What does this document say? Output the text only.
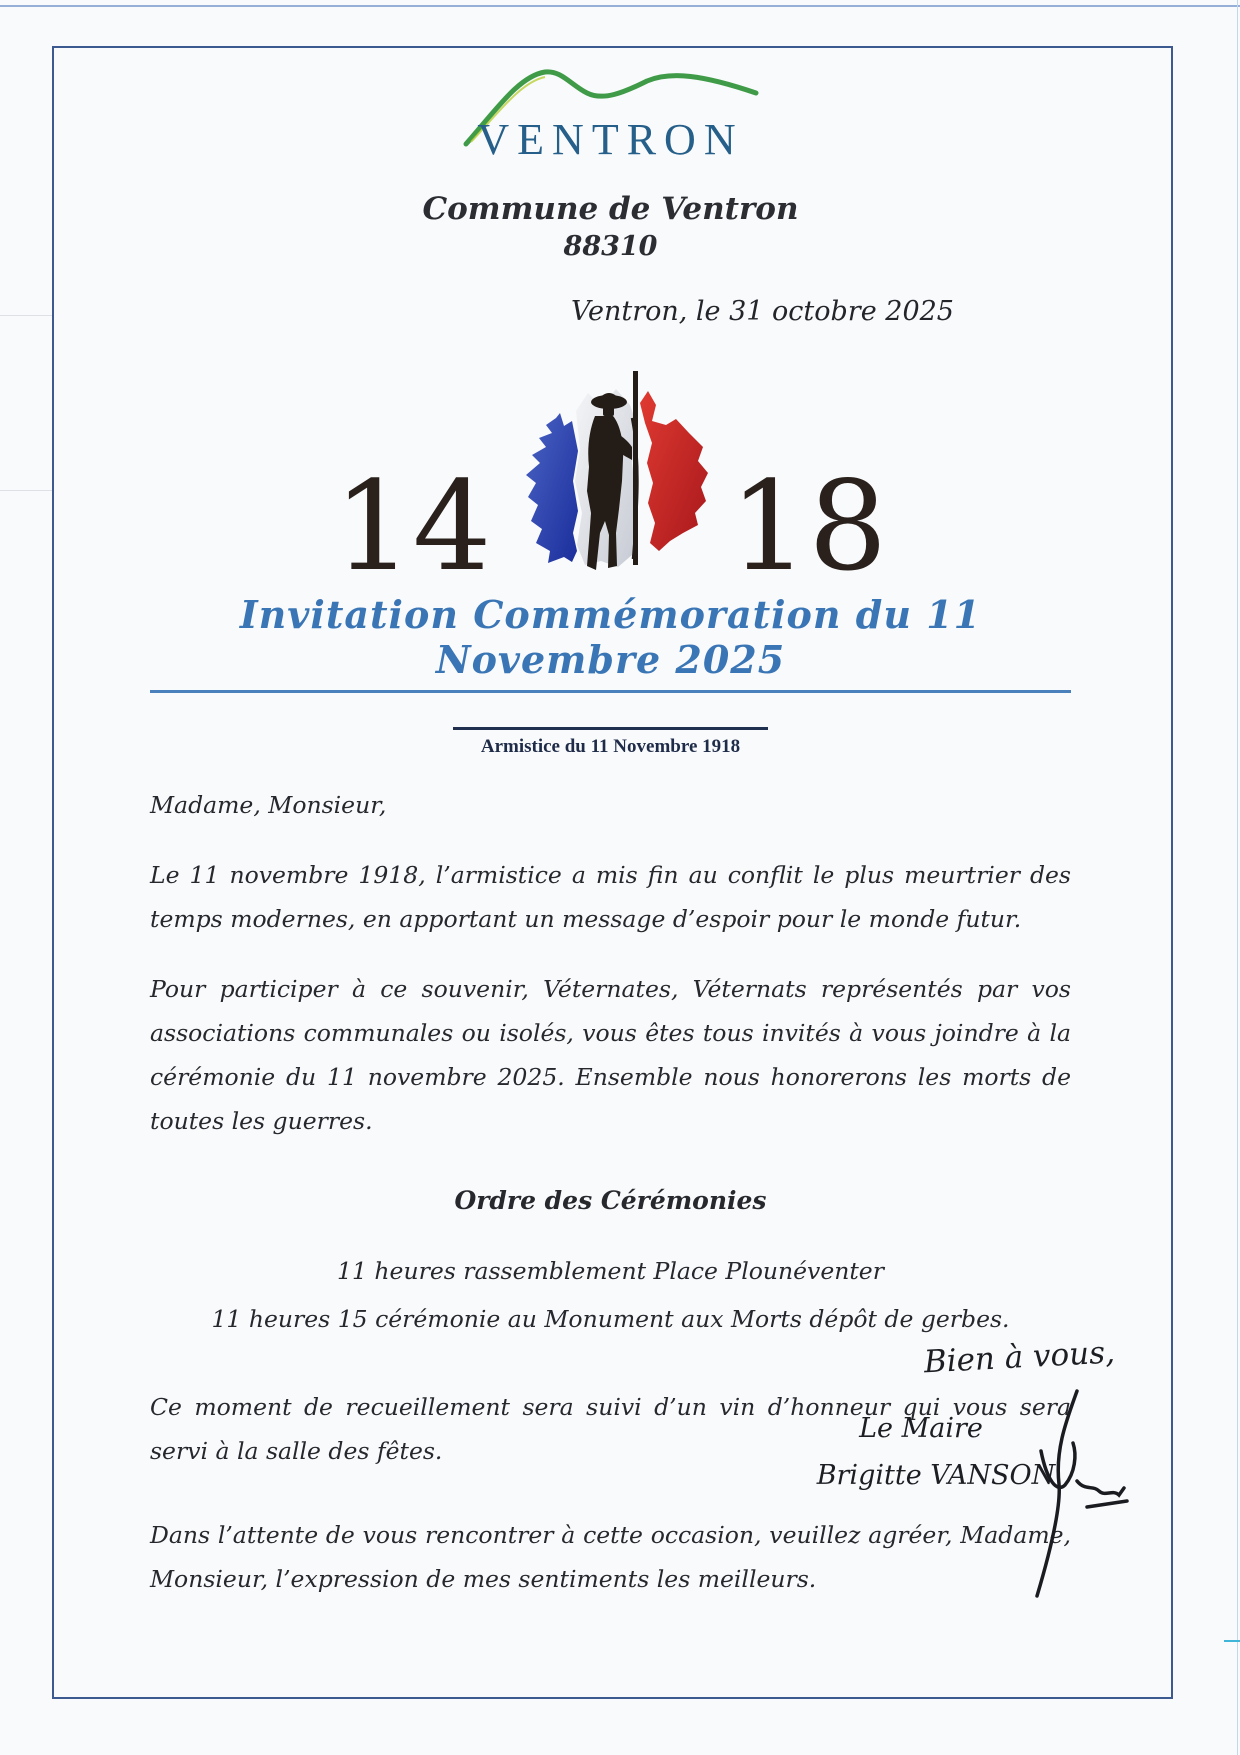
VENTRON
Commune de Ventron
88310
Ventron, le 31 octobre 2025
14 18
Invitation Commémoration du 11 Novembre 2025
Armistice du 11 Novembre 1918

Madame, Monsieur,

Le 11 novembre 1918, l’armistice a mis fin au conflit le plus meurtrier des temps modernes, en apportant un message d’espoir pour le monde futur.

Pour participer à ce souvenir, Véternates, Véternats représentés par vos associations communales ou isolés, vous êtes tous invités à vous joindre à la cérémonie du 11 novembre 2025. Ensemble nous honorerons les morts de toutes les guerres.

Ordre des Cérémonies

11 heures rassemblement Place Plounéventer

11 heures 15 cérémonie au Monument aux Morts dépôt de gerbes.

Ce moment de recueillement sera suivi d’un vin d’honneur qui vous sera servi à la salle des fêtes.

Dans l’attente de vous rencontrer à cette occasion, veuillez agréer, Madame, Monsieur, l’expression de mes sentiments les meilleurs.

Bien à vous,
Le Maire
Brigitte VANSON
